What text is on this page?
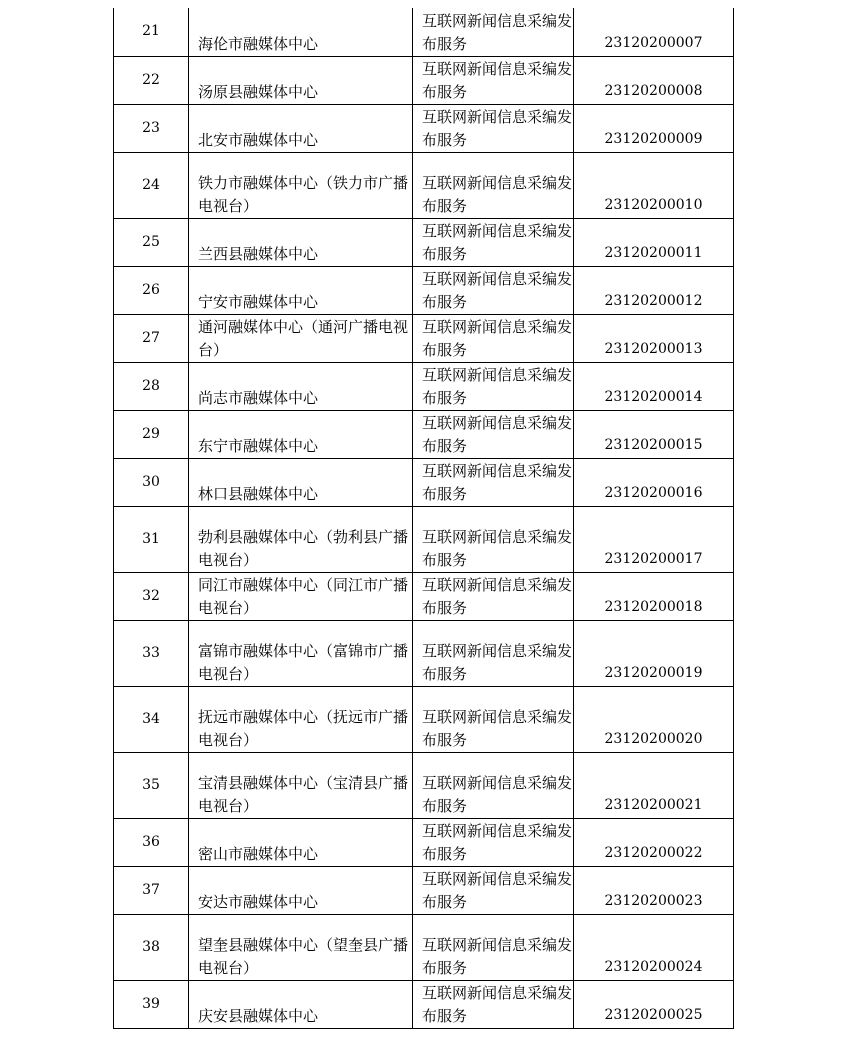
21	海伦市融媒体中心	互联网新闻信息采编发布服务	23120200007
22	汤原县融媒体中心	互联网新闻信息采编发布服务	23120200008
23	北安市融媒体中心	互联网新闻信息采编发布服务	23120200009
24	铁力市融媒体中心（铁力市广播电视台）	互联网新闻信息采编发布服务	23120200010
25	兰西县融媒体中心	互联网新闻信息采编发布服务	23120200011
26	宁安市融媒体中心	互联网新闻信息采编发布服务	23120200012
27	通河融媒体中心（通河广播电视台）	互联网新闻信息采编发布服务	23120200013
28	尚志市融媒体中心	互联网新闻信息采编发布服务	23120200014
29	东宁市融媒体中心	互联网新闻信息采编发布服务	23120200015
30	林口县融媒体中心	互联网新闻信息采编发布服务	23120200016
31	勃利县融媒体中心（勃利县广播电视台）	互联网新闻信息采编发布服务	23120200017
32	同江市融媒体中心（同江市广播电视台）	互联网新闻信息采编发布服务	23120200018
33	富锦市融媒体中心（富锦市广播电视台）	互联网新闻信息采编发布服务	23120200019
34	抚远市融媒体中心（抚远市广播电视台）	互联网新闻信息采编发布服务	23120200020
35	宝清县融媒体中心（宝清县广播电视台）	互联网新闻信息采编发布服务	23120200021
36	密山市融媒体中心	互联网新闻信息采编发布服务	23120200022
37	安达市融媒体中心	互联网新闻信息采编发布服务	23120200023
38	望奎县融媒体中心（望奎县广播电视台）	互联网新闻信息采编发布服务	23120200024
39	庆安县融媒体中心	互联网新闻信息采编发布服务	23120200025
